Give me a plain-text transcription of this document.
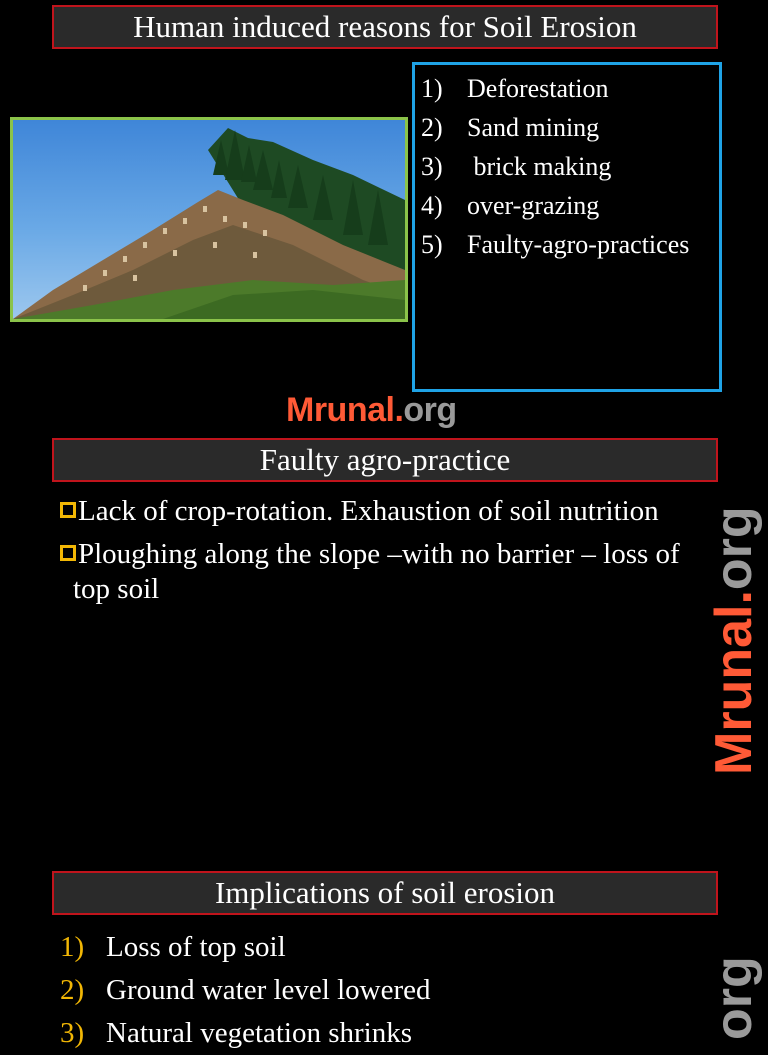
Human induced reasons for Soil Erosion
1) Deforestation
2) Sand mining
3) brick making
4) over-grazing
5) Faulty-agro-practices
Mrunal.org
Faulty agro-practice
Lack of crop-rotation. Exhaustion of soil nutrition
Ploughing along the slope –with no barrier – loss of top soil
Mrunal.org
Implications of soil erosion
1) Loss of top soil
2) Ground water level lowered
3) Natural vegetation shrinks	org
